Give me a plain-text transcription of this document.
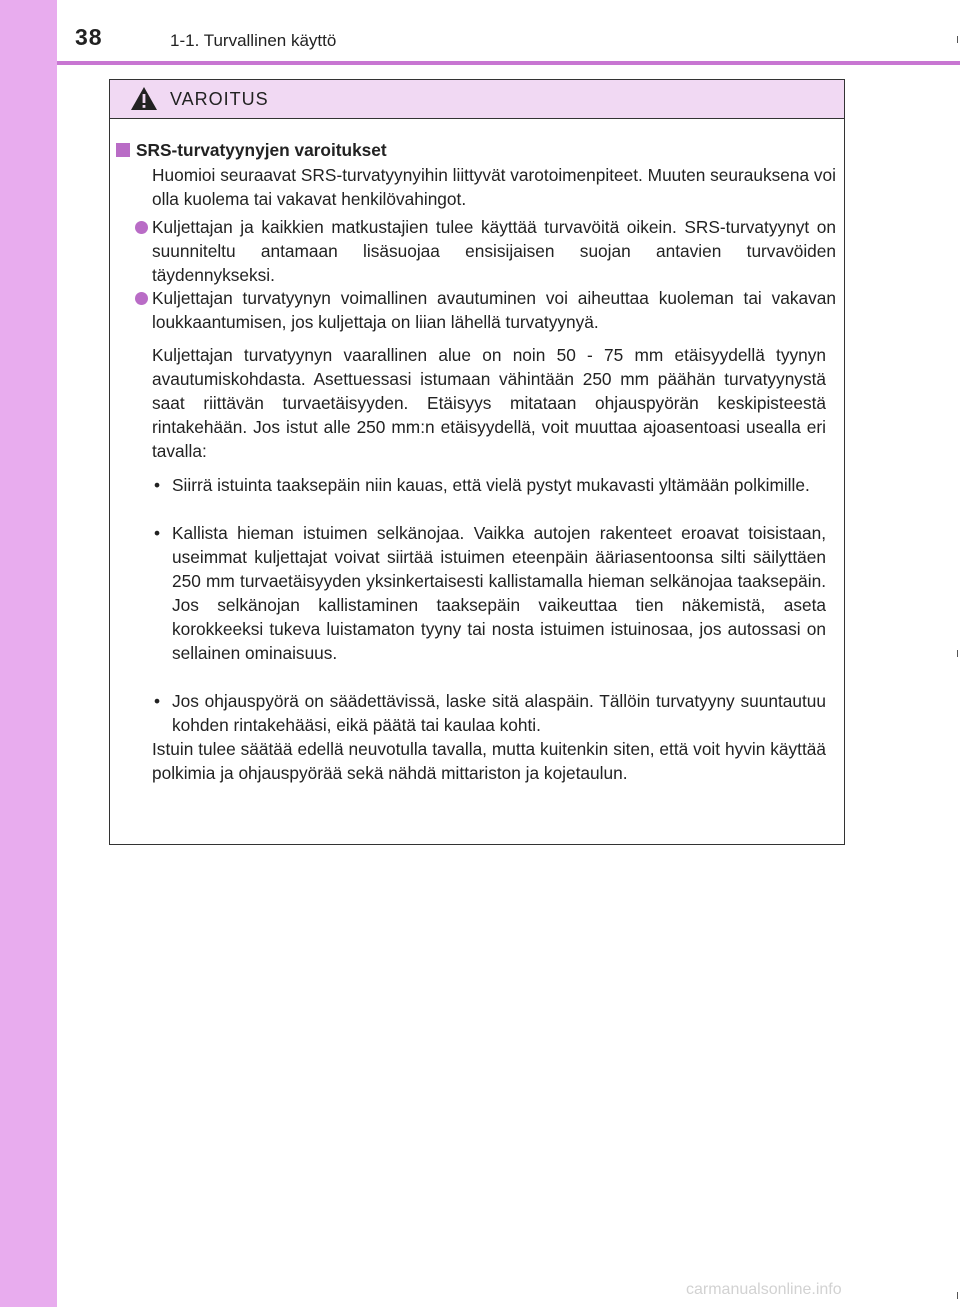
38	1-1. Turvallinen käyttö
VAROITUS
SRS-turvatyynyjen varoitukset
Huomioi seuraavat SRS-turvatyynyihin liittyvät varotoimenpiteet. Muuten seurauksena voi olla kuolema tai vakavat henkilövahingot.
Kuljettajan ja kaikkien matkustajien tulee käyttää turvavöitä oikein. SRS-turvatyynyt on suunniteltu antamaan lisäsuojaa ensisijaisen suojan antavien turvavöiden täydennykseksi.
Kuljettajan turvatyynyn voimallinen avautuminen voi aiheuttaa kuoleman tai vakavan loukkaantumisen, jos kuljettaja on liian lähellä turvatyynyä.
Kuljettajan turvatyynyn vaarallinen alue on noin 50 - 75 mm etäisyydellä tyynyn avautumiskohdasta. Asettuessasi istumaan vähintään 250 mm päähän turvatyynystä saat riittävän turvaetäisyyden. Etäisyys mitataan ohjauspyörän keskipisteestä rintakehään. Jos istut alle 250 mm:n etäisyydellä, voit muuttaa ajoasentoasi usealla eri tavalla:
• Siirrä istuinta taaksepäin niin kauas, että vielä pystyt mukavasti yltämään polkimille.
• Kallista hieman istuimen selkänojaa. Vaikka autojen rakenteet eroavat toisistaan, useimmat kuljettajat voivat siirtää istuimen eteenpäin ääriasentoonsa silti säilyttäen 250 mm turvaetäisyyden yksinkertaisesti kallistamalla hieman selkänojaa taaksepäin. Jos selkänojan kallistaminen taaksepäin vaikeuttaa tien näkemistä, aseta korokkeeksi tukeva luistamaton tyyny tai nosta istuimen istuinosaa, jos autossasi on sellainen ominaisuus.
• Jos ohjauspyörä on säädettävissä, laske sitä alaspäin. Tällöin turvatyyny suuntautuu kohden rintakehääsi, eikä päätä tai kaulaa kohti.
Istuin tulee säätää edellä neuvotulla tavalla, mutta kuitenkin siten, että voit hyvin käyttää polkimia ja ohjauspyörää sekä nähdä mittariston ja kojetaulun.
carmanualsonline.info
